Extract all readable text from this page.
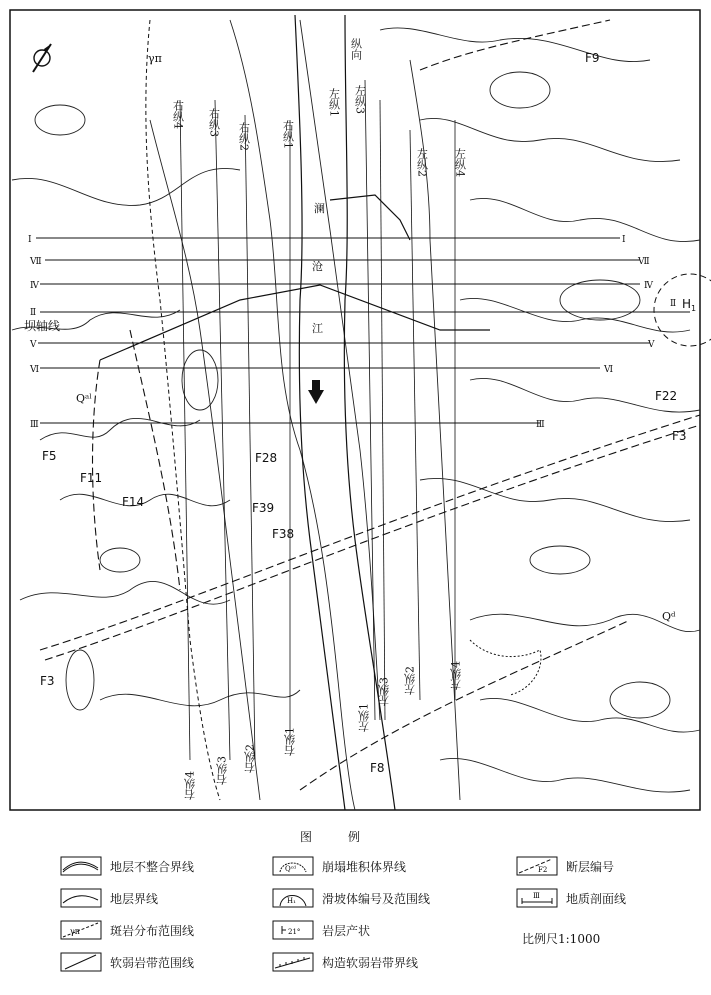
F9
F22
F3
F5
F11
F14
F28
F39
F38
F3
F8
Ⅰ
Ⅶ
Ⅳ
Ⅱ
Ⅴ
Ⅵ
Ⅲ
Ⅰ
Ⅶ
Ⅳ
Ⅱ
Ⅴ
Ⅵ
Ⅲ
右纵4 右纵3 右纵2	右纵1
纵向
左纵1 左纵3
左纵2 左纵4
右纵4
右纵3 右纵2
右纵1
左纵1
左纵3 左纵2	左纵4
坝轴线
Qᵃˡ
Qᵈ
γπ
$H_1$
澜
沧
江
图　　　例
地层不整合界线
地层界线
γπ 斑岩分布范围线
软弱岩带范围线
Qᶜᵈ 崩塌堆积体界线
H₁ 滑坡体编号及范围线
21° 岩层产状
构造软弱岩带界线
F2 断层编号
Ⅲ 地质剖面线
比例尺1:1000
